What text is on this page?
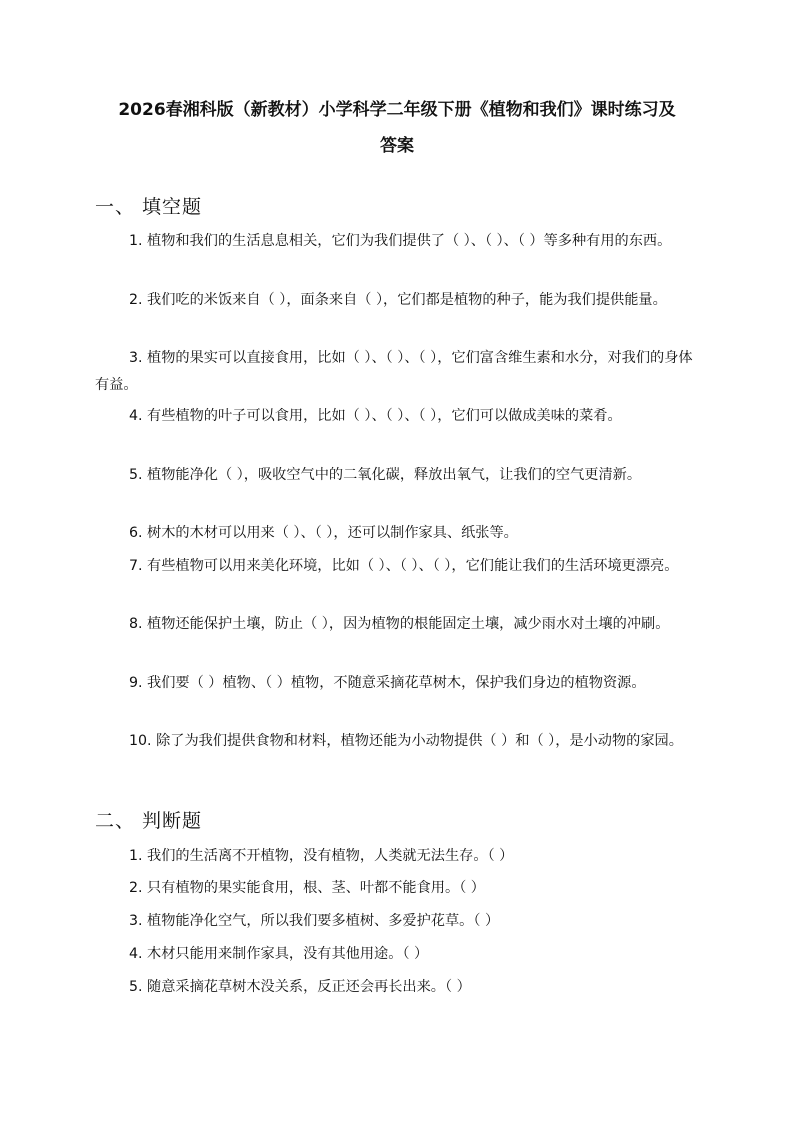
2026春湘科版（新教材）小学科学二年级下册《植物和我们》课时练习及
答案
一、 填空题
1. 植物和我们的生活息息相关，它们为我们提供了（ ）、（ ）、（ ）等多种有用的东西。
2. 我们吃的米饭来自（ ），面条来自（ ），它们都是植物的种子，能为我们提供能量。
3. 植物的果实可以直接食用，比如（ ）、（ ）、（ ），它们富含维生素和水分，对我们的身体有益。
4. 有些植物的叶子可以食用，比如（ ）、（ ）、（ ），它们可以做成美味的菜肴。
5. 植物能净化（ ），吸收空气中的二氧化碳，释放出氧气，让我们的空气更清新。
6. 树木的木材可以用来（ ）、（ ），还可以制作家具、纸张等。
7. 有些植物可以用来美化环境，比如（ ）、（ ）、（ ），它们能让我们的生活环境更漂亮。
8. 植物还能保护土壤，防止（ ），因为植物的根能固定土壤，减少雨水对土壤的冲刷。
9. 我们要（ ）植物、（ ）植物，不随意采摘花草树木，保护我们身边的植物资源。
10. 除了为我们提供食物和材料，植物还能为小动物提供（ ）和（ ），是小动物的家园。
二、 判断题
1. 我们的生活离不开植物，没有植物，人类就无法生存。（ ）
2. 只有植物的果实能食用，根、茎、叶都不能食用。（ ）
3. 植物能净化空气，所以我们要多植树、多爱护花草。（ ）
4. 木材只能用来制作家具，没有其他用途。（ ）
5. 随意采摘花草树木没关系，反正还会再长出来。（ ）
